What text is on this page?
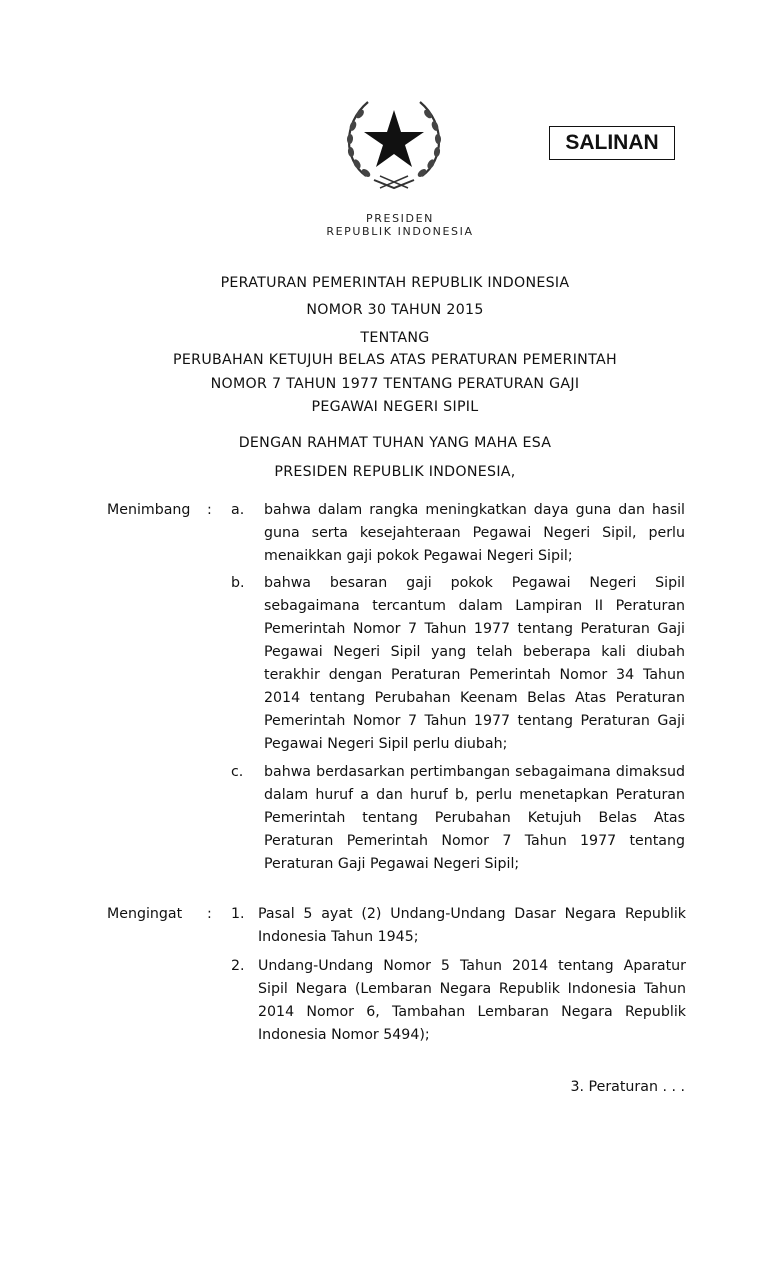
PRESIDEN
REPUBLIK INDONESIA
SALINAN
PERATURAN PEMERINTAH REPUBLIK INDONESIA
NOMOR 30 TAHUN 2015
TENTANG
PERUBAHAN KETUJUH BELAS ATAS PERATURAN PEMERINTAH
NOMOR 7 TAHUN 1977 TENTANG PERATURAN GAJI
PEGAWAI NEGERI SIPIL
DENGAN RAHMAT TUHAN YANG MAHA ESA
PRESIDEN REPUBLIK INDONESIA,
Menimbang	:	a.	bahwa dalam rangka meningkatkan daya guna dan hasil guna serta kesejahteraan Pegawai Negeri Sipil, perlu menaikkan gaji pokok Pegawai Negeri Sipil;
b.	bahwa besaran gaji pokok Pegawai Negeri Sipil sebagaimana tercantum dalam Lampiran II Peraturan Pemerintah Nomor 7 Tahun 1977 tentang Peraturan Gaji Pegawai Negeri Sipil yang telah beberapa kali diubah terakhir dengan Peraturan Pemerintah Nomor 34 Tahun 2014 tentang Perubahan Keenam Belas Atas Peraturan Pemerintah Nomor 7 Tahun 1977 tentang Peraturan Gaji Pegawai Negeri Sipil perlu diubah;
c.	bahwa berdasarkan pertimbangan sebagaimana dimaksud dalam huruf a dan huruf b, perlu menetapkan Peraturan Pemerintah tentang Perubahan Ketujuh Belas Atas Peraturan Pemerintah Nomor 7 Tahun 1977 tentang Peraturan Gaji Pegawai Negeri Sipil;
Mengingat	:	1. Pasal 5 ayat (2) Undang-Undang Dasar Negara Republik Indonesia Tahun 1945;
2. Undang-Undang Nomor 5 Tahun 2014 tentang Aparatur Sipil Negara (Lembaran Negara Republik Indonesia Tahun 2014 Nomor 6, Tambahan Lembaran Negara Republik Indonesia Nomor 5494);
3. Peraturan . . .
